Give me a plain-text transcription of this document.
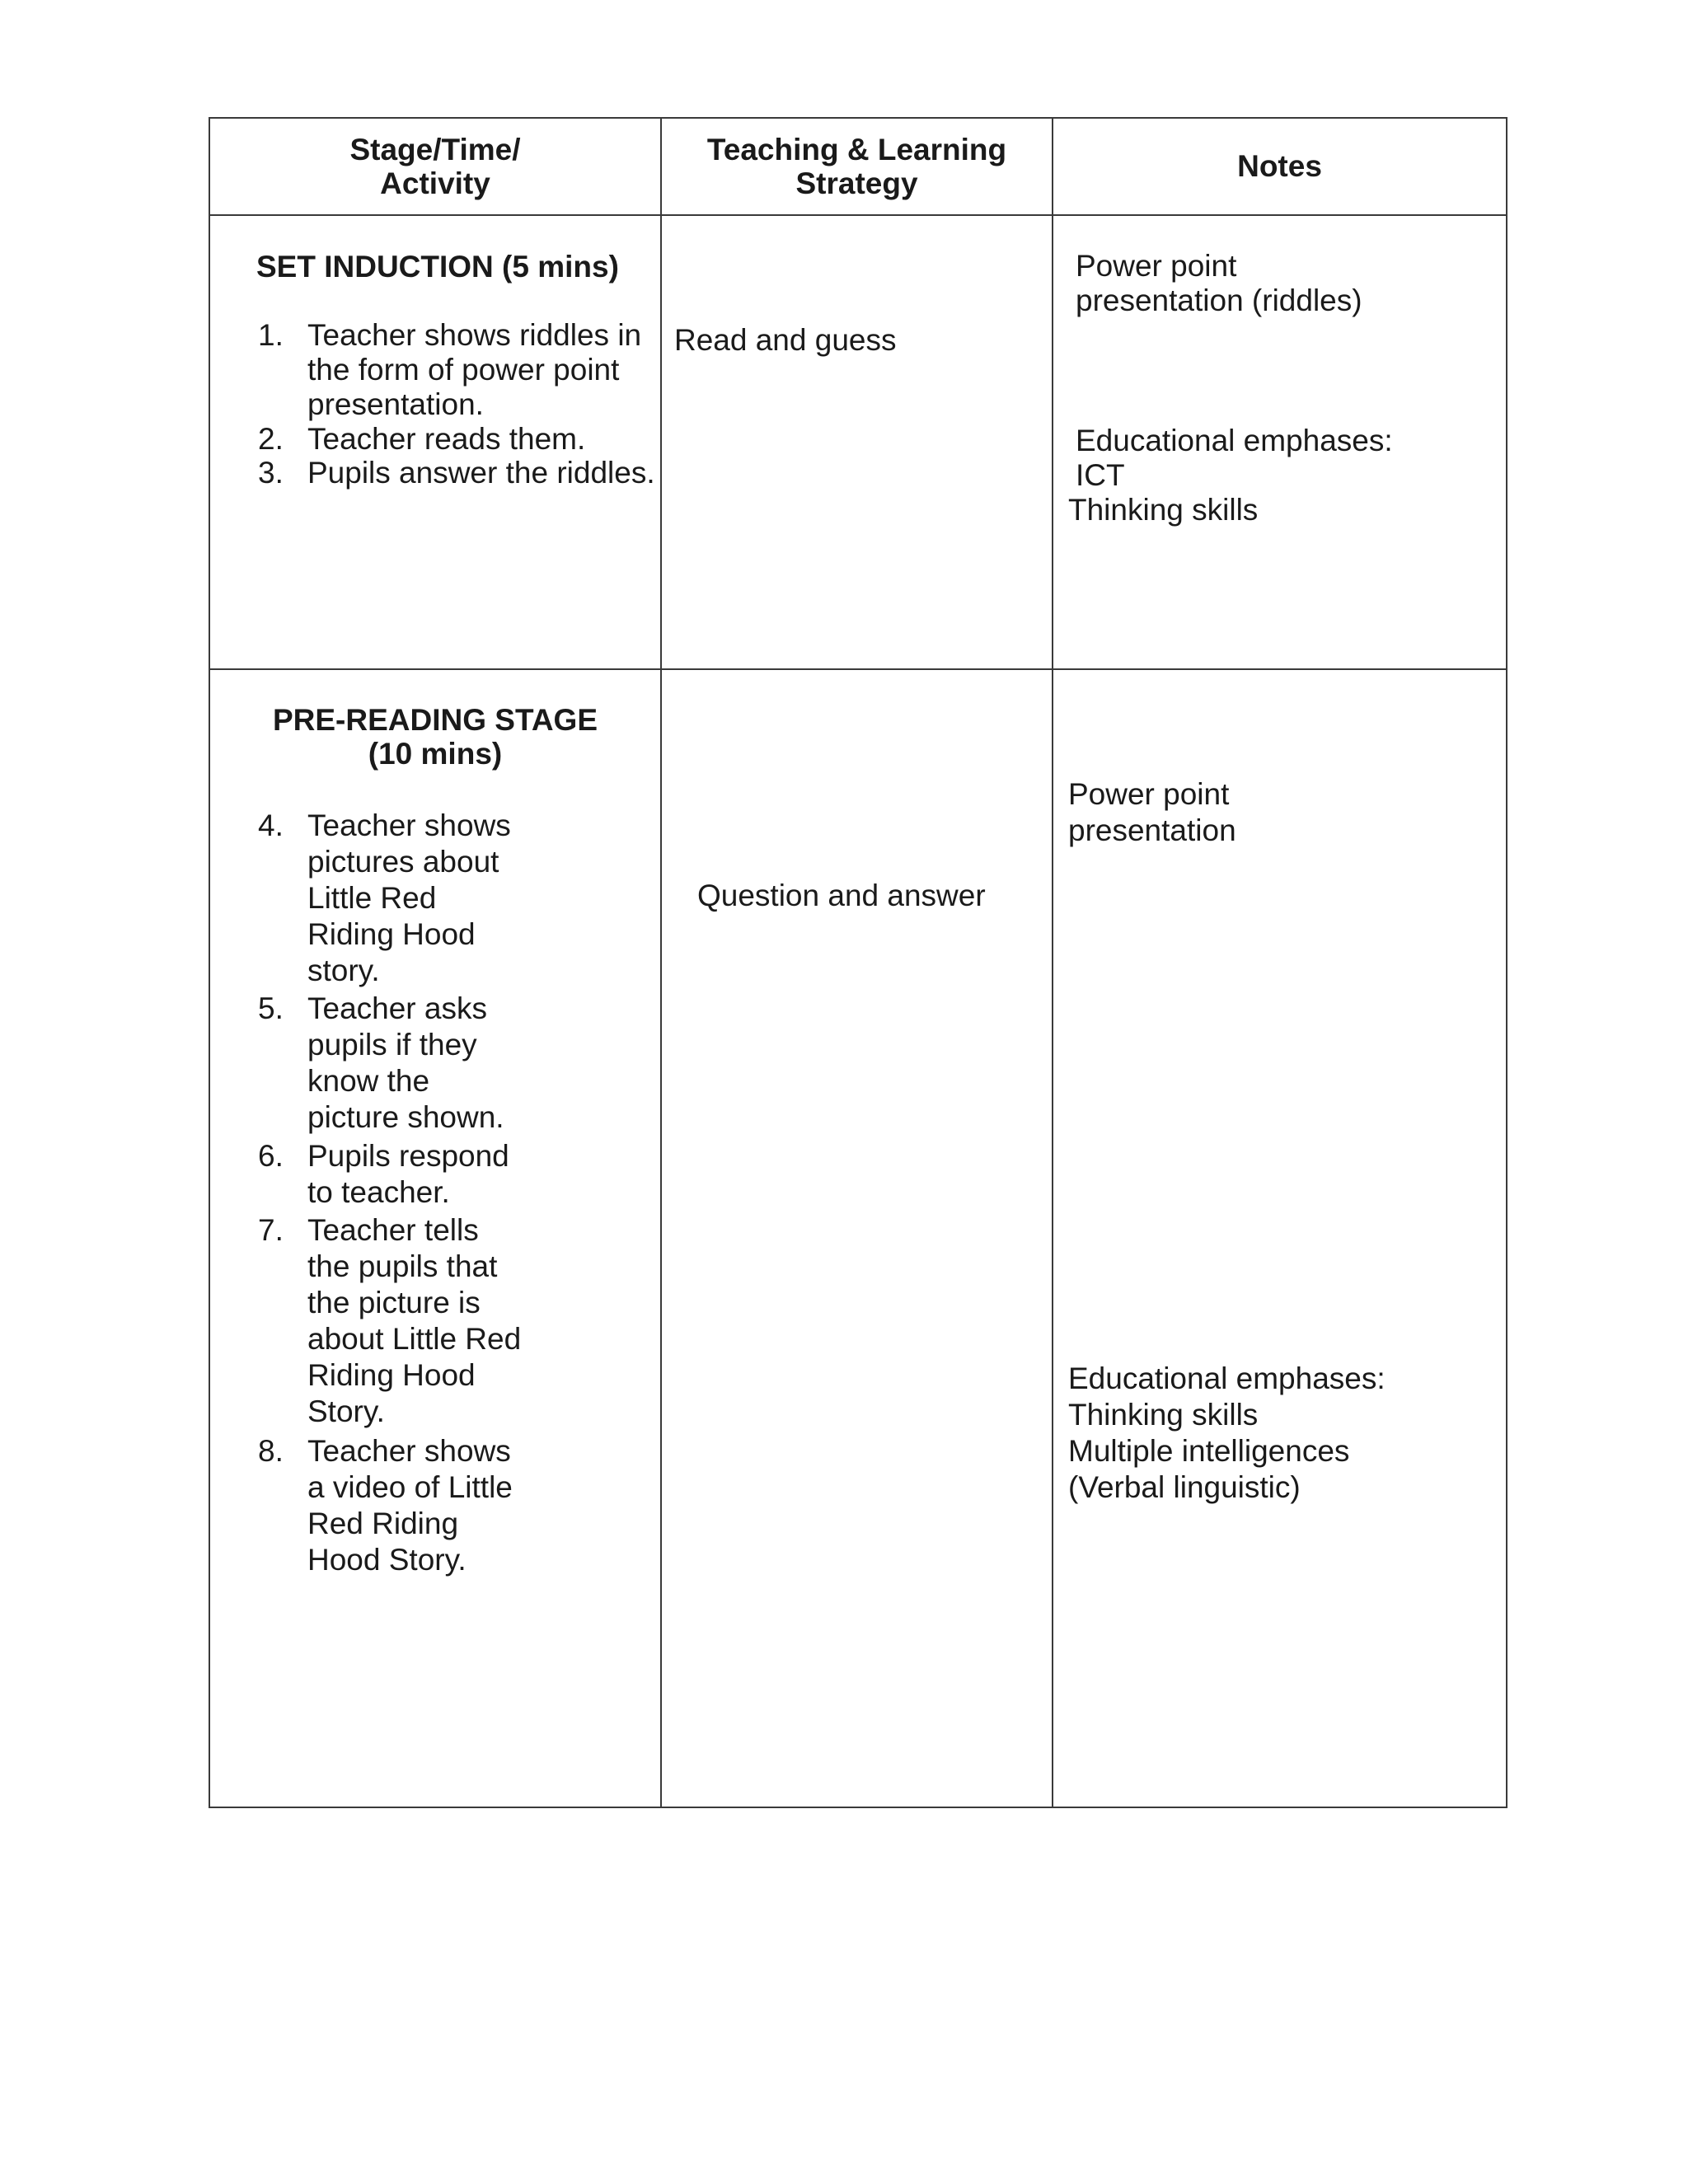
Stage/Time/
Activity
Teaching & Learning
Strategy
Notes
SET INDUCTION (5 mins)
1. Teacher shows riddles in
the form of power point
presentation.
2. Teacher reads them.
3. Pupils answer the riddles.
Read and guess
Power point
presentation (riddles)
Educational emphases:
ICT
Thinking skills
PRE-READING STAGE
(10 mins)
4. Teacher shows
pictures about
Little Red
Riding Hood
story.
5. Teacher asks
pupils if they
know the
picture shown.
6. Pupils respond
to teacher.
7. Teacher tells
the pupils that
the picture is
about Little Red
Riding Hood
Story.
8. Teacher shows
a video of Little
Red Riding
Hood Story.
Question and answer
Power point
presentation
Educational emphases:
Thinking skills
Multiple intelligences
(Verbal linguistic)
